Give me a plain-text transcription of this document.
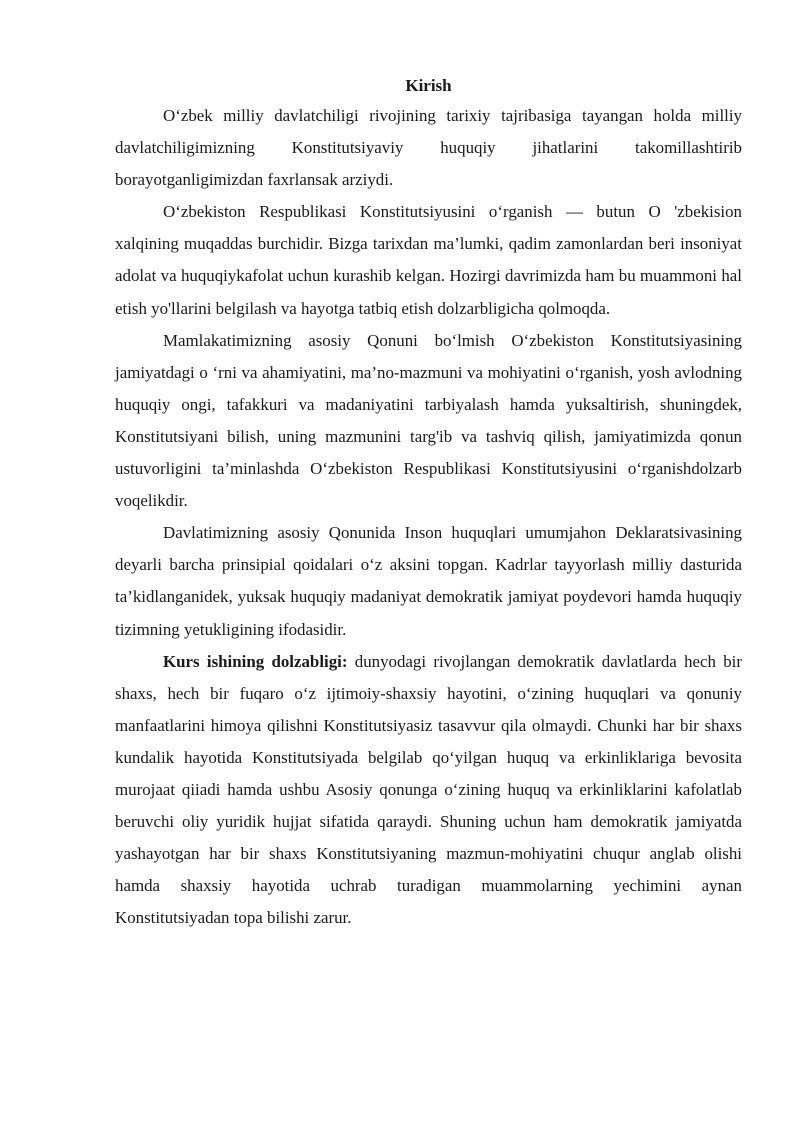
Kirish

O‘zbek milliy davlatchiligi rivojining tarixiy tajribasiga tayangan holda milliy davlatchiligimizning Konstitutsiyaviy huquqiy jihatlarini takomillashtirib borayotganligimizdan faxrlansak arziydi.

O‘zbekiston Respublikasi Konstitutsiyusini o‘rganish — butun O 'zbekision xalqining muqaddas burchidir. Bizga tarixdan ma’lumki, qadim zamonlardan beri insoniyat adolat va huquqiykafolat uchun kurashib kelgan. Hozirgi davrimizda ham bu muammoni hal etish yo'llarini belgilash va hayotga tatbiq etish dolzarbligicha qolmoqda.

Mamlakatimizning asosiy Qonuni bo‘lmish O‘zbekiston Konstitutsiyasining jamiyatdagi o ‘rni va ahamiyatini, ma’no-mazmuni va mohiyatini o‘rganish, yosh avlodning huquqiy ongi, tafakkuri va madaniyatini tarbiyalash hamda yuksaltirish, shuningdek, Konstitutsiyani bilish, uning mazmunini targ'ib va tashviq qilish, jamiyatimizda qonun ustuvorligini ta’minlashda O‘zbekiston Respublikasi Konstitutsiyusini o‘rganishdolzarb voqelikdir.

Davlatimizning asosiy Qonunida Inson huquqlari umumjahon Deklaratsivasining deyarli barcha prinsipial qoidalari o‘z aksini topgan. Kadrlar tayyorlash milliy dasturida ta’kidlanganidek, yuksak huquqiy madaniyat demokratik jamiyat poydevori hamda huquqiy tizimning yetukligining ifodasidir.

Kurs ishining dolzabligi: dunyodagi rivojlangan demokratik davlatlarda hech bir shaxs, hech bir fuqaro o‘z ijtimoiy-shaxsiy hayotini, o‘zining huquqlari va qonuniy manfaatlarini himoya qilishni Konstitutsiyasiz tasavvur qila olmaydi. Chunki har bir shaxs kundalik hayotida Konstitutsiyada belgilab qo‘yilgan huquq va erkinliklariga bevosita murojaat qiiadi hamda ushbu Asosiy qonunga o‘zining huquq va erkinliklarini kafolatlab beruvchi oliy yuridik hujjat sifatida qaraydi. Shuning uchun ham demokratik jamiyatda yashayotgan har bir shaxs Konstitutsiyaning mazmun-mohiyatini chuqur anglab olishi hamda shaxsiy hayotida uchrab turadigan muammolarning yechimini aynan Konstitutsiyadan topa bilishi zarur.
